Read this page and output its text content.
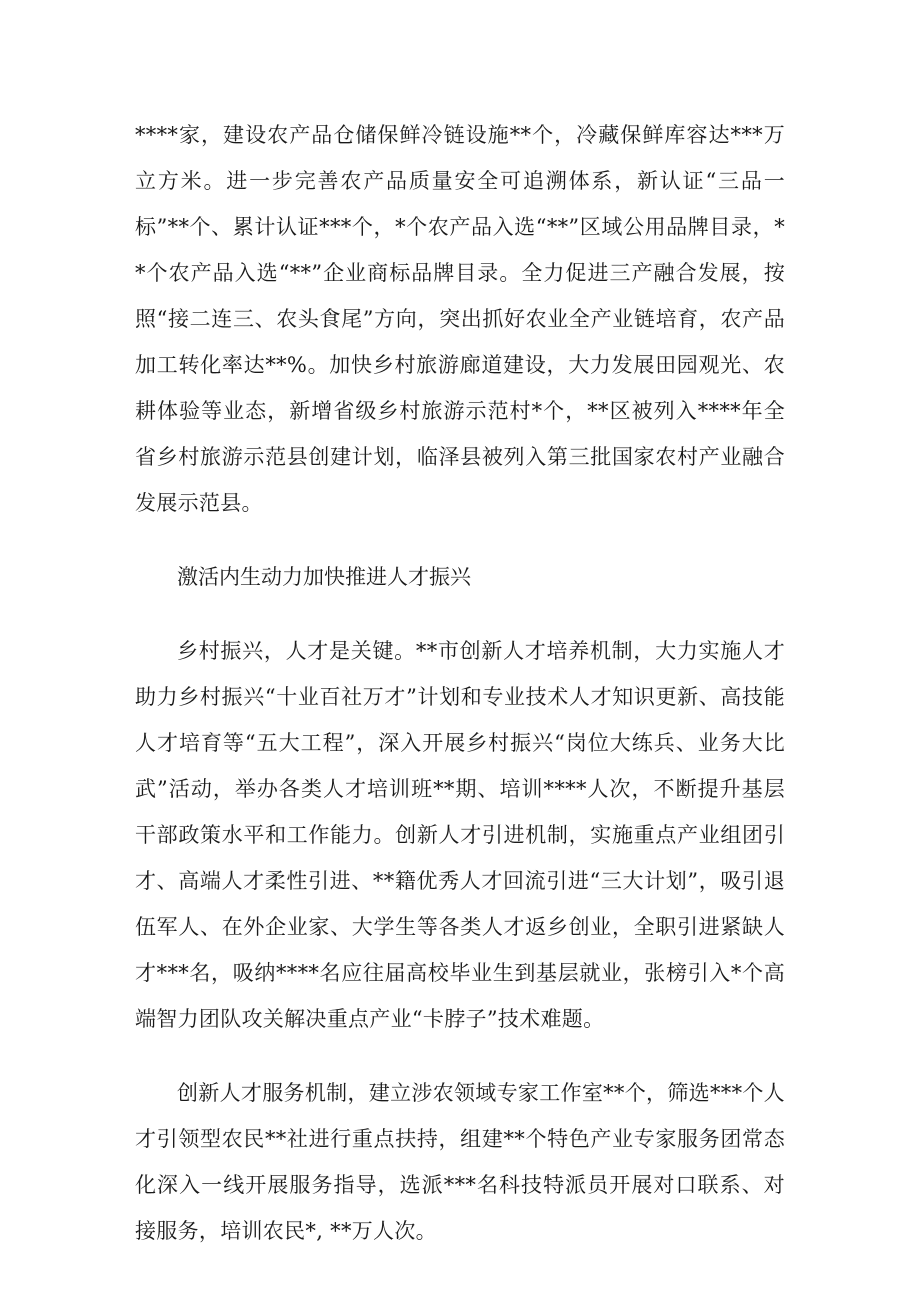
****家，建设农产品仓储保鲜冷链设施**个，冷藏保鲜库容达***万立方米。进一步完善农产品质量安全可追溯体系，新认证“三品一标”**个、累计认证***个，*个农产品入选“**”区域公用品牌目录，**个农产品入选“**”企业商标品牌目录。全力促进三产融合发展，按照“接二连三、农头食尾”方向，突出抓好农业全产业链培育，农产品加工转化率达**%。加快乡村旅游廊道建设，大力发展田园观光、农耕体验等业态，新增省级乡村旅游示范村*个，**区被列入****年全省乡村旅游示范县创建计划，临泽县被列入第三批国家农村产业融合发展示范县。

激活内生动力加快推进人才振兴

乡村振兴，人才是关键。**市创新人才培养机制，大力实施人才助力乡村振兴“十业百社万才”计划和专业技术人才知识更新、高技能人才培育等“五大工程”，深入开展乡村振兴“岗位大练兵、业务大比武”活动，举办各类人才培训班**期、培训****人次，不断提升基层干部政策水平和工作能力。创新人才引进机制，实施重点产业组团引才、高端人才柔性引进、**籍优秀人才回流引进“三大计划”，吸引退伍军人、在外企业家、大学生等各类人才返乡创业，全职引进紧缺人才***名，吸纳****名应往届高校毕业生到基层就业，张榜引入*个高端智力团队攻关解决重点产业“卡脖子”技术难题。

创新人才服务机制，建立涉农领域专家工作室**个，筛选***个人才引领型农民**社进行重点扶持，组建**个特色产业专家服务团常态化深入一线开展服务指导，选派***名科技特派员开展对口联系、对接服务，培训农民*, **万人次。
